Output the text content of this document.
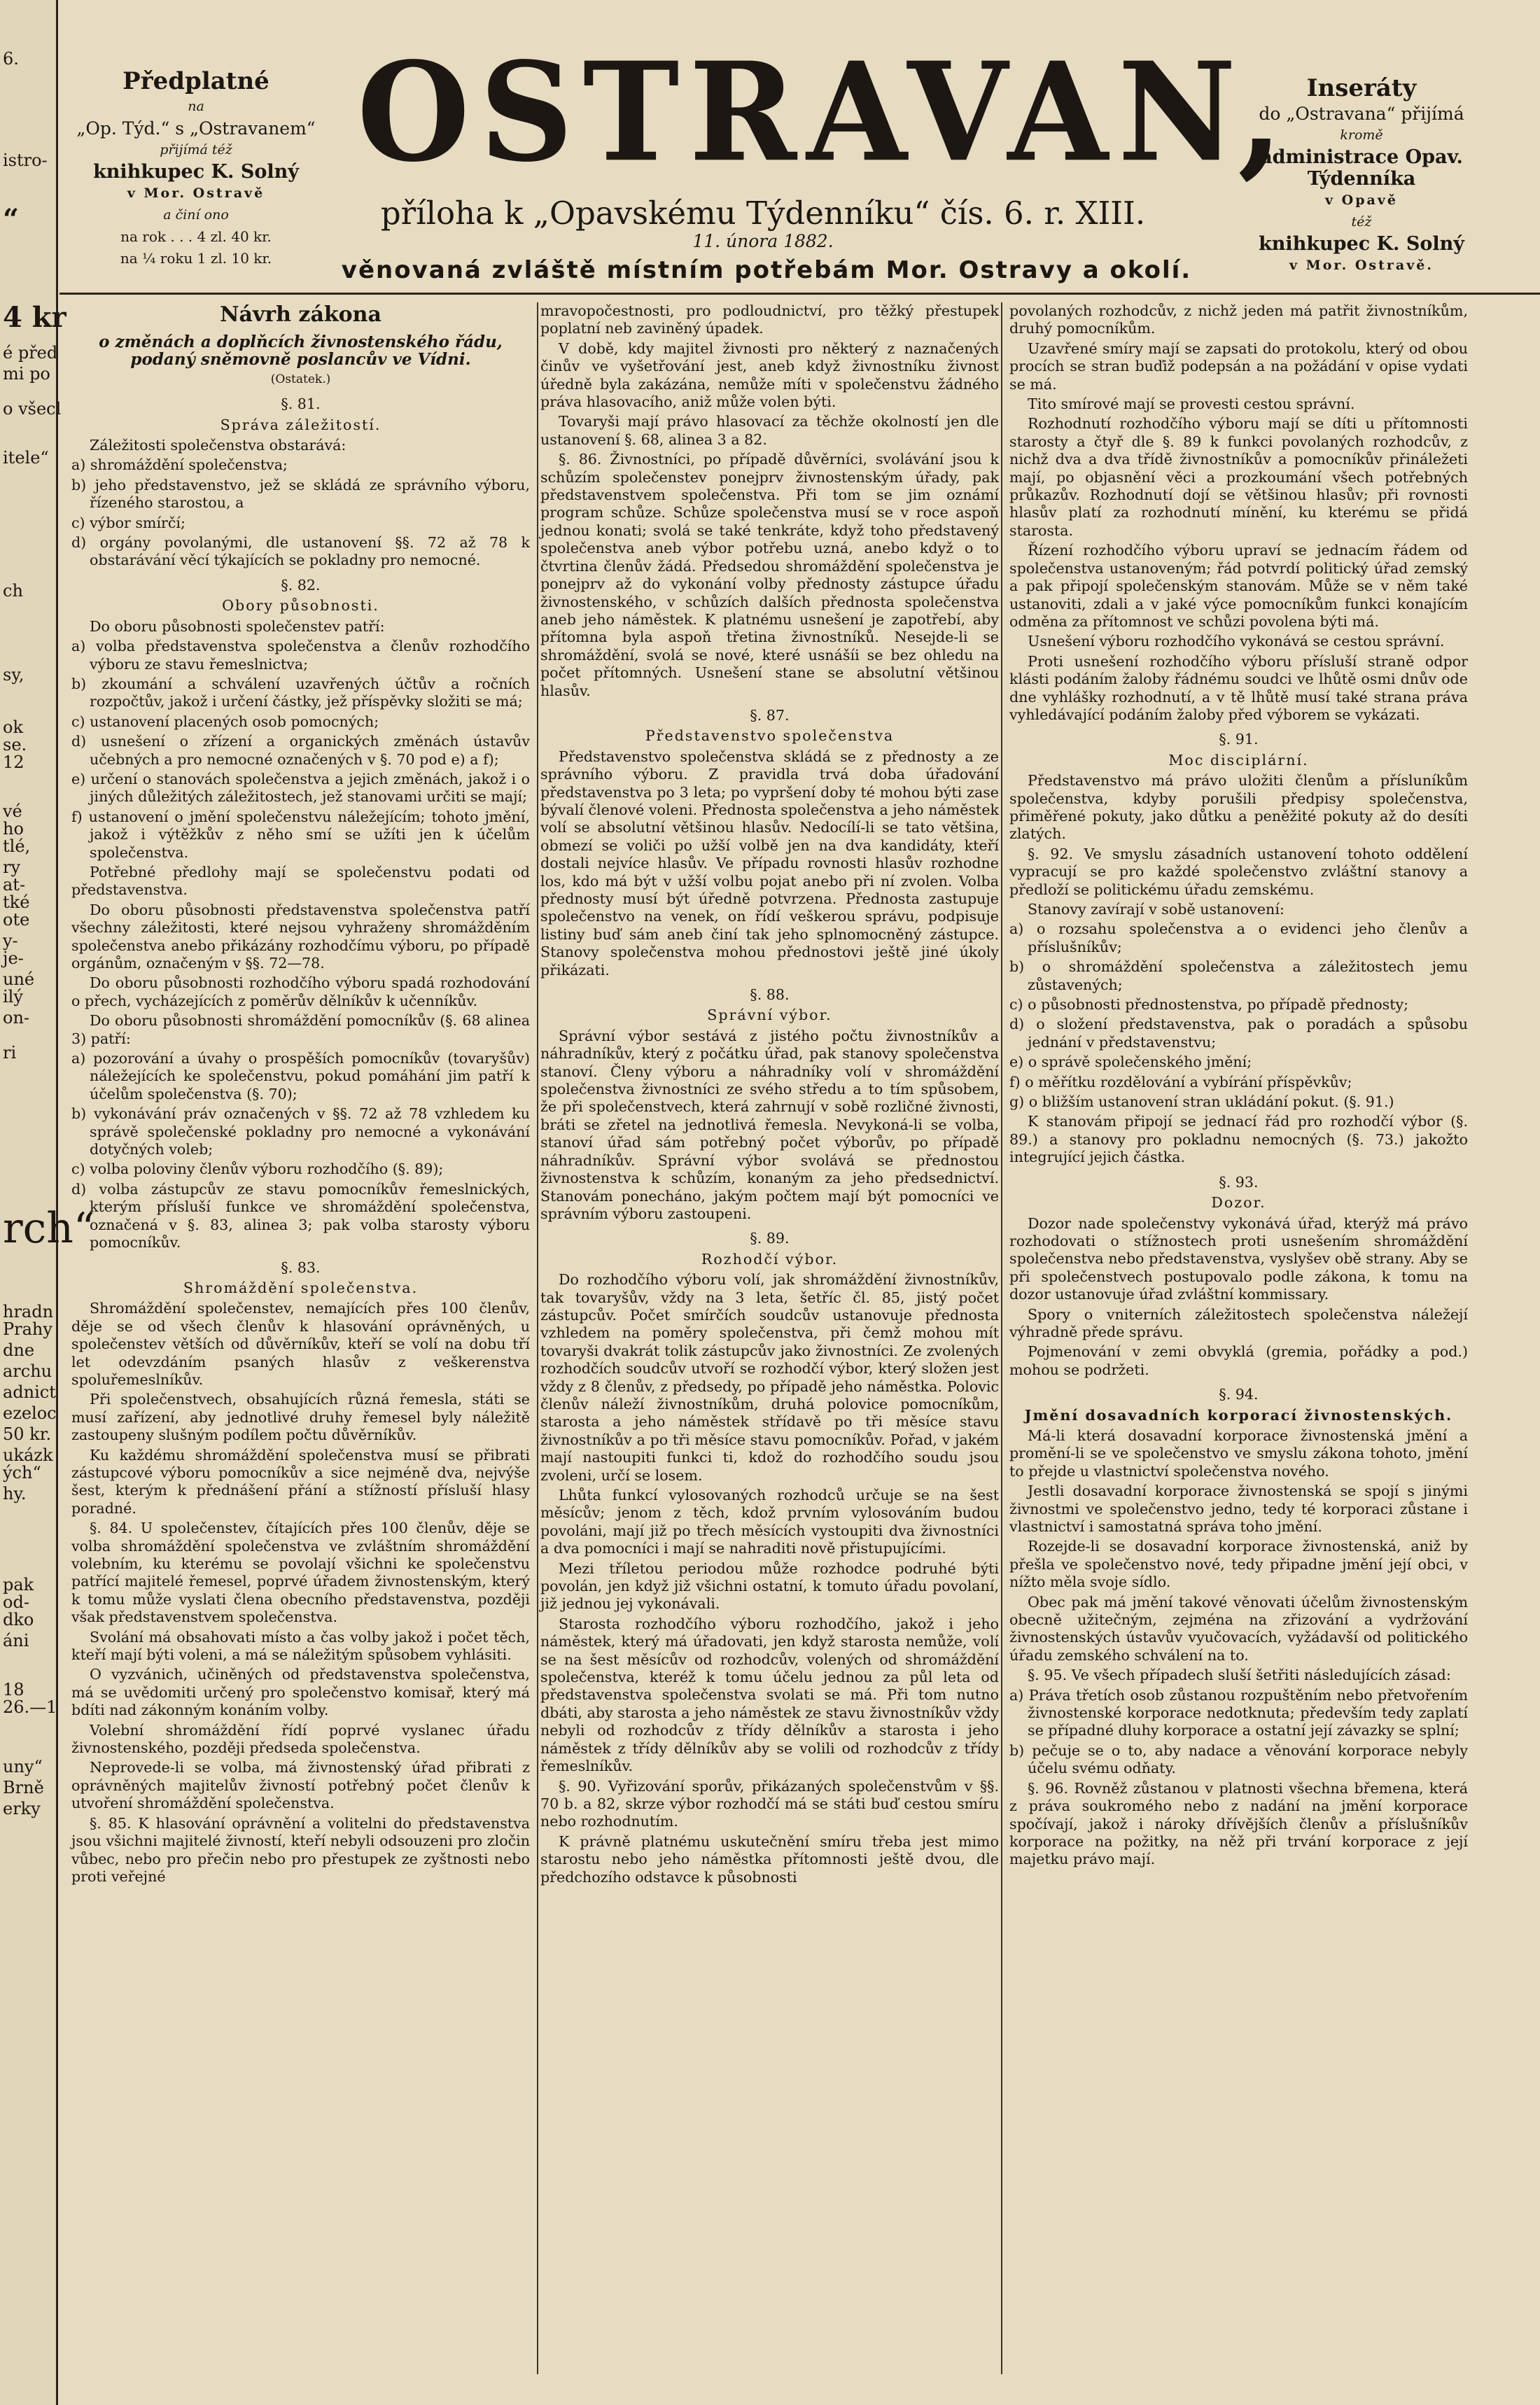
6.
istro-
“
4 kr
é před
mi po
o všecl
itele“
ch
sy,
ok
se.
12
vé
ho
tlé,
ry
at-
tké
ote
y-
je-
uné
ilý
on-
ri
rch“
hradn
Prahy
dne
archu
adnict
ezeloc
50 kr.
ukázk
ých“
hy.
pak
od-
dko
áni
18
26.—1
uny“
Brně
erky
Předplatné
na
„Op. Týd.“ s „Ostravanem“
přijímá též
knihkupec K. Solný
v Mor. Ostravě
a činí ono
na rok . . . 4 zl. 40 kr.
na ¼ roku 1 zl. 10 kr.
OSTRAVAN,
příloha k „Opavskému Týdenníku“ čís. 6. r. XIII.
11. února 1882.
věnovaná zvláště místním potřebám Mor. Ostravy a okolí.
Inseráty
do „Ostravana“ přijímá
kromě
administrace Opav. Týdenníka
v Opavě
též
knihkupec K. Solný
v Mor. Ostravě.

Návrh zákona

o změnách a doplňcích živnostenského řádu, podaný sněmovně poslancův ve Vídni.

(Ostatek.)

§. 81.

Správa záležitostí.

Záležitosti společenstva obstarává:

a) shromáždění společenstva;

b) jeho představenstvo, jež se skládá ze správního výboru, řízeného starostou, a

c) výbor smírčí;

d) orgány povolanými, dle ustanovení §§. 72 až 78 k obstarávání věcí týkajících se pokladny pro nemocné.

§. 82.

Obory působnosti.

Do oboru působnosti společenstev patří:

a) volba představenstva společenstva a členův rozhodčího výboru ze stavu řemeslnictva;

b) zkoumání a schválení uzavřených účtův a ročních rozpočtův, jakož i určení částky, jež příspěvky složiti se má;

c) ustanovení placených osob pomocných;

d) usnešení o zřízení a organických změnách ústavův učebných a pro nemocné označených v §. 70 pod e) a f);

e) určení o stanovách společenstva a jejich změnách, jakož i o jiných důležitých záležitostech, jež stanovami určiti se mají;

f) ustanovení o jmění společenstvu náležejícím; tohoto jmění, jakož i výtěžkův z něho smí se užíti jen k účelům společenstva.

Potřebné předlohy mají se společenstvu podati od představenstva.

Do oboru působnosti představenstva společenstva patří všechny záležitosti, které nejsou vyhraženy shromážděním společenstva anebo přikázány rozhodčímu výboru, po případě orgánům, označeným v §§. 72—78.

Do oboru působnosti rozhodčího výboru spadá rozhodování o přech, vycházejících z poměrův dělníkův k učenníkův.

Do oboru působnosti shromáždění pomocníkův (§. 68 alinea 3) patří:

a) pozorování a úvahy o prospěších pomocníkův (tovaryšův) náležejících ke společenstvu, pokud pomáhání jim patří k účelům společenstva (§. 70);

b) vykonávání práv označených v §§. 72 až 78 vzhledem ku správě společenské pokladny pro nemocné a vykonávání dotyčných voleb;

c) volba poloviny členův výboru rozhodčího (§. 89);

d) volba zástupcův ze stavu pomocníkův řemeslnických, kterým přísluší funkce ve shromáždění společenstva, označená v §. 83, alinea 3; pak volba starosty výboru pomocníkův.

§. 83.

Shromáždění společenstva.

Shromáždění společenstev, nemajících přes 100 členův, děje se od všech členův k hlasování oprávněných, u společenstev větších od důvěrníkův, kteří se volí na dobu tří let odevzdáním psaných hlasův z veškerenstva spoluřemeslníkův.

Při společenstvech, obsahujících různá řemesla, státi se musí zařízení, aby jednotlivé druhy řemesel byly náležitě zastoupeny slušným podílem počtu důvěrníkův.

Ku každému shromáždění společenstva musí se přibrati zástupcové výboru pomocníkův a sice nejméně dva, nejvýše šest, kterým k přednášení přání a stížností přísluší hlasy poradné.

§. 84. U společenstev, čítajících přes 100 členův, děje se volba shromáždění společenstva ve zvláštním shromáždění volebním, ku kterému se povolají všichni ke společenstvu patřící majitelé řemesel, poprvé úřadem živnostenským, který k tomu může vyslati člena obecního představenstva, později však představenstvem společenstva.

Svolání má obsahovati místo a čas volby jakož i počet těch, kteří mají býti voleni, a má se náležitým spůsobem vyhlásiti.

O vyzvánich, učiněných od představenstva společenstva, má se uvědomiti určený pro společenstvo komisař, který má bdíti nad zákonným konáním volby.

Volební shromáždění řídí poprvé vyslanec úřadu živnostenského, později předseda společenstva.

Neprovede-li se volba, má živnostenský úřad přibrati z oprávněných majitelův živností potřebný počet členův k utvoření shromáždění společenstva.

§. 85. K hlasování oprávnění a volitelni do představenstva jsou všichni majitelé živností, kteří nebyli odsouzeni pro zločin vůbec, nebo pro přečin nebo pro přestupek ze zyštnosti nebo proti veřejné

mravopočestnosti, pro podloudnictví, pro těžký přestupek poplatní neb zaviněný úpadek.

V době, kdy majitel živnosti pro některý z naznačených činův ve vyšetřování jest, aneb když živnostníku živnost úředně byla zakázána, nemůže míti v společenstvu žádného práva hlasovacího, aniž může volen býti.

Tovaryši mají právo hlasovací za těchže okolností jen dle ustanovení §. 68, alinea 3 a 82.

§. 86. Živnostníci, po případě důvěrníci, svolávání jsou k schůzím společenstev ponejprv živnostenským úřady, pak představenstvem společenstva. Při tom se jim oznámí program schůze. Schůze společenstva musí se v roce aspoň jednou konati; svolá se také tenkráte, když toho představený společenstva aneb výbor potřebu uzná, anebo když o to čtvrtina členův žádá. Předsedou shromáždění společenstva je ponejprv až do vykonání volby přednosty zástupce úřadu živnostenského, v schůzích dalších přednosta společenstva aneb jeho náměstek. K platnému usnešení je zapotřebí, aby přítomna byla aspoň třetina živnostníků. Nesejde-li se shromáždění, svolá se nové, které usnášíi se bez ohledu na počet přítomných. Usnešení stane se absolutní většinou hlasův.

§. 87.

Představenstvo společenstva

Představenstvo společenstva skládá se z přednosty a ze správního výboru. Z pravidla trvá doba úřadování představenstva po 3 leta; po vypršení doby té mohou býti zase bývalí členové voleni. Přednosta společenstva a jeho náměstek volí se absolutní většinou hlasův. Nedocílí-li se tato většina, obmezí se voliči po užší volbě jen na dva kandidáty, kteří dostali nejvíce hlasův. Ve případu rovnosti hlasův rozhodne los, kdo má být v užší volbu pojat anebo při ní zvolen. Volba přednosty musí být úředně potvrzena. Přednosta zastupuje společenstvo na venek, on řídí veškerou správu, podpisuje listiny buď sám aneb činí tak jeho splnomocněný zástupce. Stanovy společenstva mohou přednostovi ještě jiné úkoly přikázati.

§. 88.

Správní výbor.

Správní výbor sestává z jistého počtu živnostníkův a náhradníkův, který z počátku úřad, pak stanovy společenstva stanoví. Členy výboru a náhradníky volí v shromáždění společenstva živnostníci ze svého středu a to tím spůsobem, že při společenstvech, která zahrnují v sobě rozličné živnosti, bráti se zřetel na jednotlivá řemesla. Nevykoná-li se volba, stanoví úřad sám potřebný počet výborův, po případě náhradníkův. Správní výbor svolává se přednostou živnostenstva k schůzím, konaným za jeho předsednictví. Stanovám ponecháno, jakým počtem mají být pomocníci ve správním výboru zastoupeni.

§. 89.

Rozhodčí výbor.

Do rozhodčího výboru volí, jak shromáždění živnostníkův, tak tovaryšův, vždy na 3 leta, šetříc čl. 85, jistý počet zástupcův. Počet smírčích soudcův ustanovuje přednosta vzhledem na poměry společenstva, při čemž mohou mít tovaryši dvakrát tolik zástupcův jako živnostníci. Ze zvolených rozhodčích soudcův utvoří se rozhodčí výbor, který složen jest vždy z 8 členův, z předsedy, po případě jeho náměstka. Polovic členův náleží živnostníkům, druhá polovice pomocníkům, starosta a jeho náměstek střídavě po tři měsíce stavu živnostníkův a po tři měsíce stavu pomocníkův. Pořad, v jakém mají nastoupiti funkci ti, kdož do rozhodčího soudu jsou zvoleni, určí se losem.

Lhůta funkcí vylosovaných rozhodců určuje se na šest měsícův; jenom z těch, kdož prvním vylosováním budou povoláni, mají již po třech měsících vystoupiti dva živnostníci a dva pomocníci i mají se nahraditi nově přistupujícími.

Mezi tříletou periodou může rozhodce podruhé býti povolán, jen když již všichni ostatní, k tomuto úřadu povolaní, již jednou jej vykonávali.

Starosta rozhodčího výboru rozhodčího, jakož i jeho náměstek, který má úřadovati, jen když starosta nemůže, volí se na šest měsícův od rozhodcův, volených od shromáždění společenstva, kteréž k tomu účelu jednou za půl leta od představenstva společenstva svolati se má. Při tom nutno dbáti, aby starosta a jeho náměstek ze stavu živnostníkův vždy nebyli od rozhodcův z třídy dělníkův a starosta i jeho náměstek z třídy dělníkův aby se volili od rozhodcův z třídy řemeslníkův.

§. 90. Vyřizování sporův, přikázaných společenstvům v §§. 70 b. a 82, skrze výbor rozhodčí má se státi buď cestou smíru nebo rozhodnutím.

K právně platnému uskutečnění smíru třeba jest mimo starostu nebo jeho náměstka přítomnosti ještě dvou, dle předchozího odstavce k působnosti

povolaných rozhodcův, z nichž jeden má patřit živnostníkům, druhý pomocníkům.

Uzavřené smíry mají se zapsati do protokolu, který od obou procích se stran buďiž podepsán a na požádání v opise vydati se má.

Tito smírové mají se provesti cestou správní.

Rozhodnutí rozhodčího výboru mají se díti u přítomnosti starosty a čtyř dle §. 89 k funkci povolaných rozhodcův, z nichž dva a dva třídě živnostníkův a pomocníkův přináležeti mají, po objasnění věci a prozkoumání všech potřebných průkazův. Rozhodnutí dojí se většinou hlasův; při rovnosti hlasův platí za rozhodnutí mínění, ku kterému se přidá starosta.

Řízení rozhodčího výboru upraví se jednacím řádem od společenstva ustanoveným; řád potvrdí politický úřad zemský a pak připojí společenským stanovám. Může se v něm také ustanoviti, zdali a v jaké výce pomocníkům funkci konajícím odměna za přítomnost ve schůzi povolena býti má.

Usnešení výboru rozhodčího vykonává se cestou správní.

Proti usnešení rozhodčího výboru přísluší straně odpor klásti podáním žaloby řádnému soudci ve lhůtě osmi dnův ode dne vyhlášky rozhodnutí, a v tě lhůtě musí také strana práva vyhledávající podáním žaloby před výborem se vykázati.

§. 91.

Moc disciplární.

Představenstvo má právo uložiti členům a přísluníkům společenstva, kdyby porušili předpisy společenstva, přiměřené pokuty, jako důtku a peněžité pokuty až do desíti zlatých.

§. 92. Ve smyslu zásadních ustanovení tohoto oddělení vypracují se pro každé společenstvo zvláštní stanovy a předloží se politickému úřadu zemskému.

Stanovy zavírají v sobě ustanovení:

a) o rozsahu společenstva a o evidenci jeho členův a příslušníkův;

b) o shromáždění společenstva a záležitostech jemu zůstavených;

c) o působnosti přednostenstva, po případě přednosty;

d) o složení představenstva, pak o poradách a spůsobu jednání v představenstvu;

e) o správě společenského jmění;

f) o měřítku rozdělování a vybírání příspěvkův;

g) o bližším ustanovení stran ukládání pokut. (§. 91.)

K stanovám připojí se jednací řád pro rozhodčí výbor (§. 89.) a stanovy pro pokladnu nemocných (§. 73.) jakožto integrující jejich částka.

§. 93.

Dozor.

Dozor nade společenstvy vykonává úřad, kterýž má právo rozhodovati o stížnostech proti usnešením shromáždění společenstva nebo představenstva, vyslyšev obě strany. Aby se při společenstvech postupovalo podle zákona, k tomu na dozor ustanovuje úřad zvláštní kommissary.

Spory o vniterních záležitostech společenstva náležejí výhradně přede správu.

Pojmenování v zemi obvyklá (gremia, pořádky a pod.) mohou se podržeti.

§. 94.

Jmění dosavadních korporací živnostenských.

Má-li která dosavadní korporace živnostenská jmění a promění-li se ve společenstvo ve smyslu zákona tohoto, jmění to přejde u vlastnictví společenstva nového.

Jestli dosavadní korporace živnostenská se spojí s jinými živnostmi ve společenstvo jedno, tedy té korporaci zůstane i vlastnictví i samostatná správa toho jmění.

Rozejde-li se dosavadní korporace živnostenská, aniž by přešla ve společenstvo nové, tedy připadne jmění její obci, v nížto měla svoje sídlo.

Obec pak má jmění takové věnovati účelům živnostenským obecně užitečným, zejména na zřizování a vydržování živnostenských ústavův vyučovacích, vyžádavší od politického úřadu zemského schválení na to.

§. 95. Ve všech případech sluší šetřiti následujících zásad:

a) Práva třetích osob zůstanou rozpuštěním nebo přetvořením živnostenské korporace nedotknuta; především tedy zaplatí se případné dluhy korporace a ostatní její závazky se splní;

b) pečuje se o to, aby nadace a věnování korporace nebyly účelu svému odňaty.

§. 96. Rovněž zůstanou v platnosti všechna břemena, která z práva soukromého nebo z nadání na jmění korporace spočívají, jakož i nároky dřívějších členův a příslušníkův korporace na požitky, na něž při trvání korporace z její majetku právo mají.
